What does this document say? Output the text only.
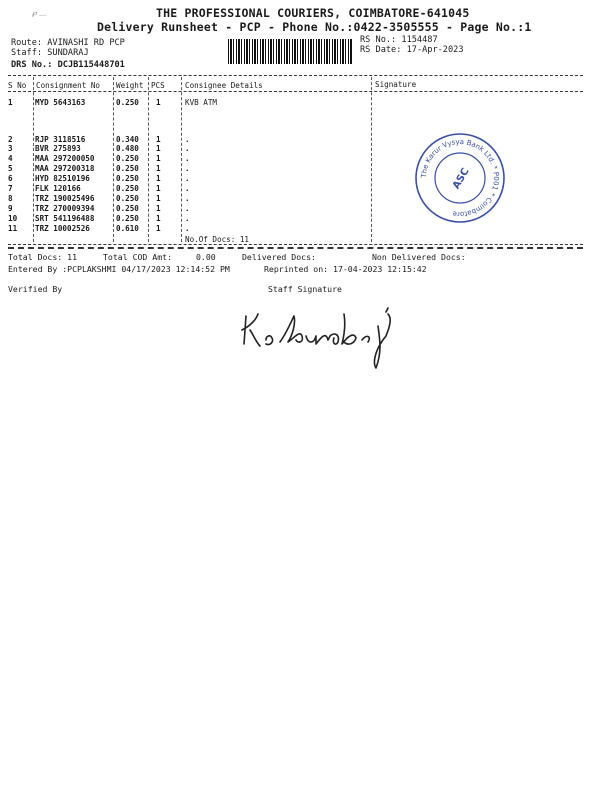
℘ ﹏	THE PROFESSIONAL COURIERS, COIMBATORE-641045
Delivery Runsheet - PCP - Phone No.:0422-3505555 - Page No.:1
Route: AVINASHI RD PCP
Staff: SUNDARAJ
DRS No.: DCJB115448701
RS No.: 1154487
RS Date: 17-Apr-2023
S No Consignment No Weight PCS	Consignee Details	Signature
1	MYD 5643163	0.250 1	KVB ATM
2	RJP 3118516	0.340 1	.
3	BVR 275893	0.480 1	.
4	MAA 297200050	0.250 1	.
5	MAA 297200318	0.250 1	.
6	HYD 82510196	0.250 1	.
7	FLK 120166	0.250 1	.
8	TRZ 190025496	0.250 1	.
9	TRZ 270009394	0.250 1	.
10 SRT 541196488	0.250 1	.
11 TRZ 10002526	0.610 1	.
No.Of Docs: 11
The Karur Vysya Bank Ltd. * P001 * Coimbatore
ASC
Total Docs: 11	Total COD Amt:	0.00	Delivered Docs:	Non Delivered Docs:
Entered By :PCPLAKSHMI 04/17/2023 12:14:52 PM	Reprinted on: 17-04-2023 12:15:42
Verified By	Staff Signature
